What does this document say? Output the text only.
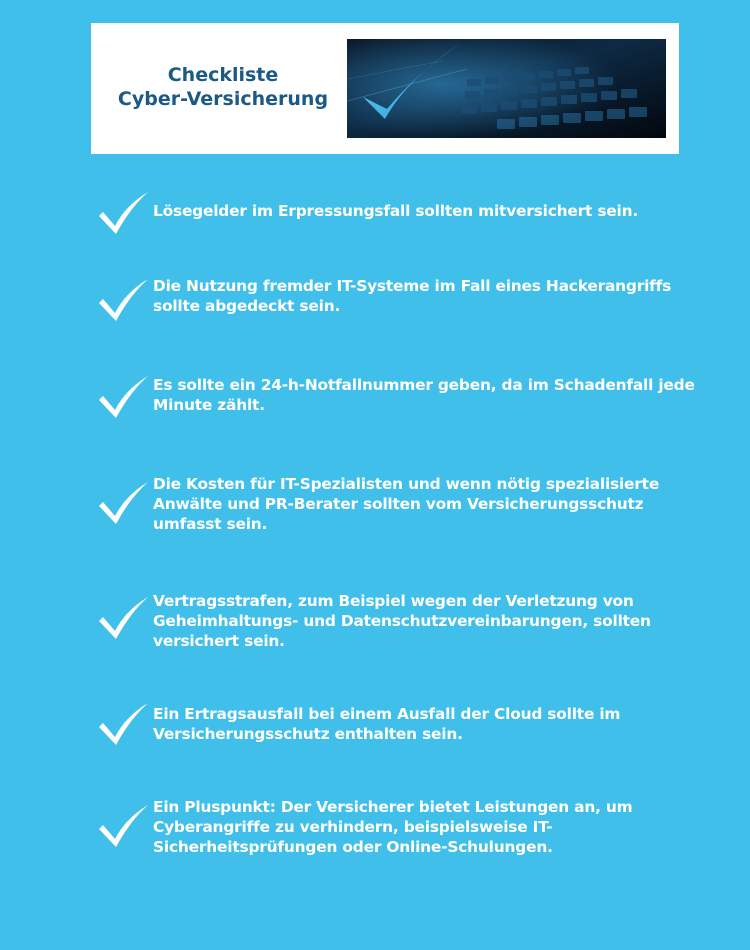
Checkliste
Cyber-Versicherung
Lösegelder im Erpressungsfall sollten mitversichert sein.
Die Nutzung fremder IT-Systeme im Fall eines Hackerangriffs sollte abgedeckt sein.
Es sollte ein 24-h-Notfallnummer geben, da im Schadenfall jede Minute zählt.
Die Kosten für IT-Spezialisten und wenn nötig spezialisierte Anwälte und PR-Berater sollten vom Versicherungsschutz umfasst sein.
Vertragsstrafen, zum Beispiel wegen der Verletzung von Geheimhaltungs- und Datenschutzvereinbarungen, sollten versichert sein.
Ein Ertragsausfall bei einem Ausfall der Cloud sollte im Versicherungsschutz enthalten sein.
Ein Pluspunkt: Der Versicherer bietet Leistungen an, um Cyberangriffe zu verhindern, beispielsweise IT-Sicherheitsprüfungen oder Online-Schulungen.
